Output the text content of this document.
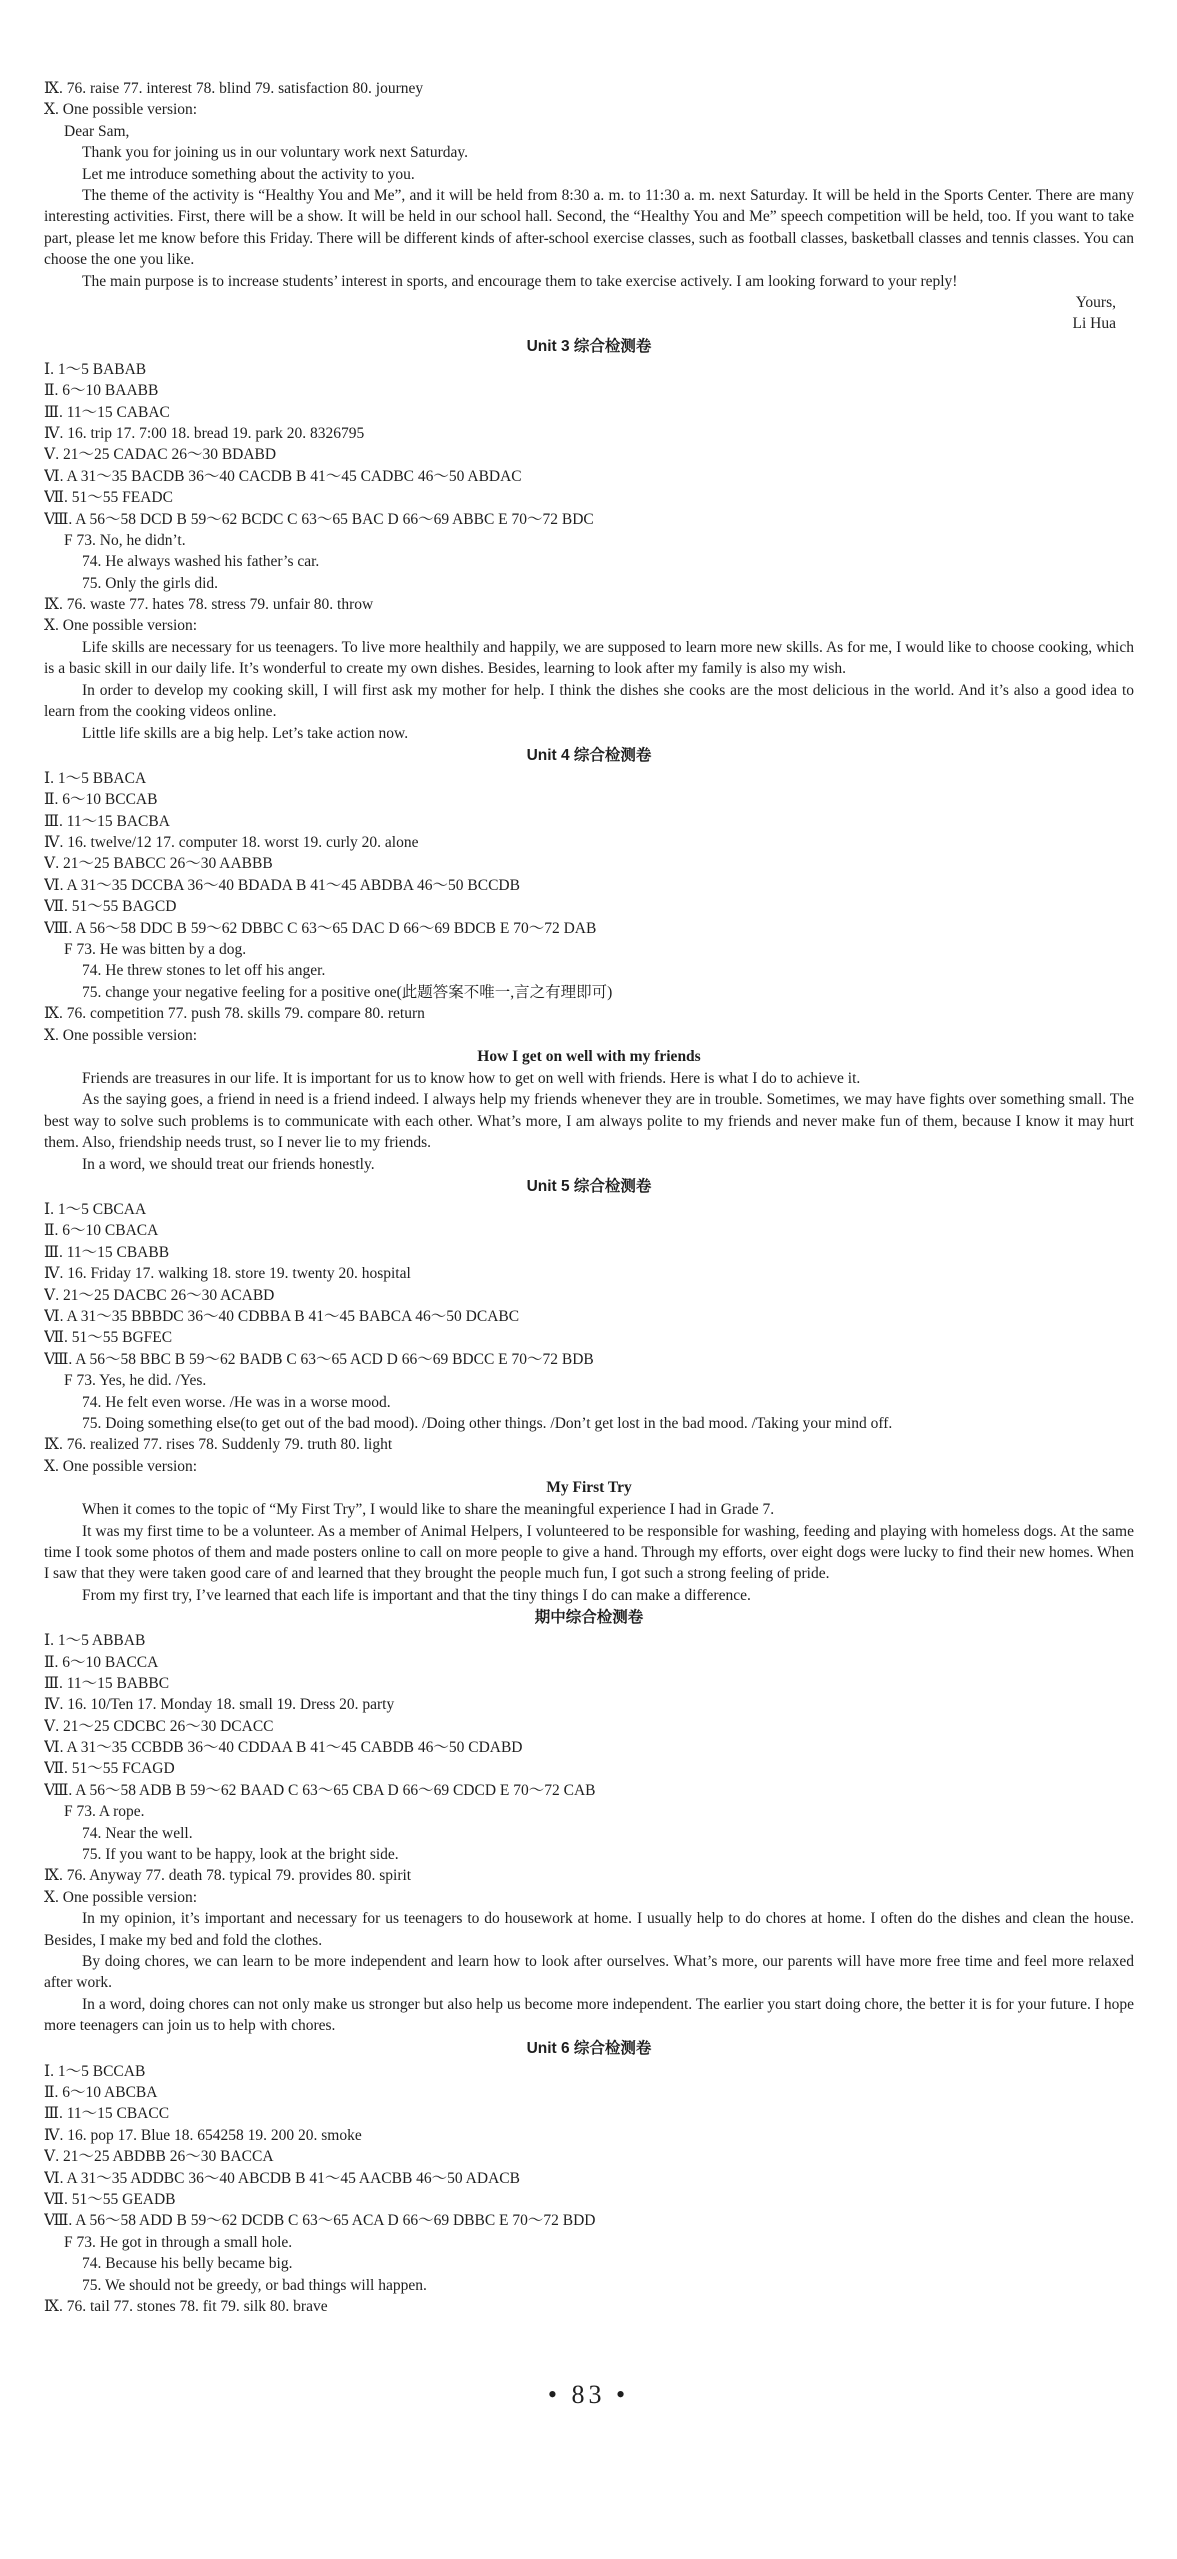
Ⅸ. 76. raise 77. interest 78. blind 79. satisfaction 80. journey
Ⅹ. One possible version:
Dear Sam,
Thank you for joining us in our voluntary work next Saturday.
Let me introduce something about the activity to you.
The theme of the activity is “Healthy You and Me”, and it will be held from 8:30 a. m. to 11:30 a. m. next Saturday. It will be held in the Sports Center. There are many interesting activities. First, there will be a show. It will be held in our school hall. Second, the “Healthy You and Me” speech competition will be held, too. If you want to take part, please let me know before this Friday. There will be different kinds of after-school exercise classes, such as football classes, basketball classes and tennis classes. You can choose the one you like.
The main purpose is to increase students’ interest in sports, and encourage them to take exercise actively. I am looking forward to your reply!
Yours,
Li Hua
Unit 3 综合检测卷
Ⅰ. 1～5 BABAB
Ⅱ. 6～10 BAABB
Ⅲ. 11～15 CABAC
Ⅳ. 16. trip 17. 7:00 18. bread 19. park 20. 8326795
Ⅴ. 21～25 CADAC 26～30 BDABD
Ⅵ. A 31～35 BACDB 36～40 CACDB B 41～45 CADBC 46～50 ABDAC
Ⅶ. 51～55 FEADC
Ⅷ. A 56～58 DCD B 59～62 BCDC C 63～65 BAC D 66～69 ABBC E 70～72 BDC
F 73. No, he didn’t.
74. He always washed his father’s car.
75. Only the girls did.
Ⅸ. 76. waste 77. hates 78. stress 79. unfair 80. throw
Ⅹ. One possible version:
Life skills are necessary for us teenagers. To live more healthily and happily, we are supposed to learn more new skills. As for me, I would like to choose cooking, which is a basic skill in our daily life. It’s wonderful to create my own dishes. Besides, learning to look after my family is also my wish.
In order to develop my cooking skill, I will first ask my mother for help. I think the dishes she cooks are the most delicious in the world. And it’s also a good idea to learn from the cooking videos online.
Little life skills are a big help. Let’s take action now.
Unit 4 综合检测卷
Ⅰ. 1～5 BBACA
Ⅱ. 6～10 BCCAB
Ⅲ. 11～15 BACBA
Ⅳ. 16. twelve/12 17. computer 18. worst 19. curly 20. alone
Ⅴ. 21～25 BABCC 26～30 AABBB
Ⅵ. A 31～35 DCCBA 36～40 BDADA B 41～45 ABDBA 46～50 BCCDB
Ⅶ. 51～55 BAGCD
Ⅷ. A 56～58 DDC B 59～62 DBBC C 63～65 DAC D 66～69 BDCB E 70～72 DAB
F 73. He was bitten by a dog.
74. He threw stones to let off his anger.
75. change your negative feeling for a positive one(此题答案不唯一,言之有理即可)
Ⅸ. 76. competition 77. push 78. skills 79. compare 80. return
Ⅹ. One possible version:
How I get on well with my friends
Friends are treasures in our life. It is important for us to know how to get on well with friends. Here is what I do to achieve it.
As the saying goes, a friend in need is a friend indeed. I always help my friends whenever they are in trouble. Sometimes, we may have fights over something small. The best way to solve such problems is to communicate with each other. What’s more, I am always polite to my friends and never make fun of them, because I know it may hurt them. Also, friendship needs trust, so I never lie to my friends.
In a word, we should treat our friends honestly.
Unit 5 综合检测卷
Ⅰ. 1～5 CBCAA
Ⅱ. 6～10 CBACA
Ⅲ. 11～15 CBABB
Ⅳ. 16. Friday 17. walking 18. store 19. twenty 20. hospital
Ⅴ. 21～25 DACBC 26～30 ACABD
Ⅵ. A 31～35 BBBDC 36～40 CDBBA B 41～45 BABCA 46～50 DCABC
Ⅶ. 51～55 BGFEC
Ⅷ. A 56～58 BBC B 59～62 BADB C 63～65 ACD D 66～69 BDCC E 70～72 BDB
F 73. Yes, he did. /Yes.
74. He felt even worse. /He was in a worse mood.
75. Doing something else(to get out of the bad mood). /Doing other things. /Don’t get lost in the bad mood. /Taking your mind off.
Ⅸ. 76. realized 77. rises 78. Suddenly 79. truth 80. light
Ⅹ. One possible version:
My First Try
When it comes to the topic of “My First Try”, I would like to share the meaningful experience I had in Grade 7.
It was my first time to be a volunteer. As a member of Animal Helpers, I volunteered to be responsible for washing, feeding and playing with homeless dogs. At the same time I took some photos of them and made posters online to call on more people to give a hand. Through my efforts, over eight dogs were lucky to find their new homes. When I saw that they were taken good care of and learned that they brought the people much fun, I got such a strong feeling of pride.
From my first try, I’ve learned that each life is important and that the tiny things I do can make a difference.
期中综合检测卷
Ⅰ. 1～5 ABBAB
Ⅱ. 6～10 BACCA
Ⅲ. 11～15 BABBC
Ⅳ. 16. 10/Ten 17. Monday 18. small 19. Dress 20. party
Ⅴ. 21～25 CDCBC 26～30 DCACC
Ⅵ. A 31～35 CCBDB 36～40 CDDAA B 41～45 CABDB 46～50 CDABD
Ⅶ. 51～55 FCAGD
Ⅷ. A 56～58 ADB B 59～62 BAAD C 63～65 CBA D 66～69 CDCD E 70～72 CAB
F 73. A rope.
74. Near the well.
75. If you want to be happy, look at the bright side.
Ⅸ. 76. Anyway 77. death 78. typical 79. provides 80. spirit
Ⅹ. One possible version:
In my opinion, it’s important and necessary for us teenagers to do housework at home. I usually help to do chores at home. I often do the dishes and clean the house. Besides, I make my bed and fold the clothes.
By doing chores, we can learn to be more independent and learn how to look after ourselves. What’s more, our parents will have more free time and feel more relaxed after work.
In a word, doing chores can not only make us stronger but also help us become more independent. The earlier you start doing chore, the better it is for your future. I hope more teenagers can join us to help with chores.
Unit 6 综合检测卷
Ⅰ. 1～5 BCCAB
Ⅱ. 6～10 ABCBA
Ⅲ. 11～15 CBACC
Ⅳ. 16. pop 17. Blue 18. 654258 19. 200 20. smoke
Ⅴ. 21～25 ABDBB 26～30 BACCA
Ⅵ. A 31～35 ADDBC 36～40 ABCDB B 41～45 AACBB 46～50 ADACB
Ⅶ. 51～55 GEADB
Ⅷ. A 56～58 ADD B 59～62 DCDB C 63～65 ACA D 66～69 DBBC E 70～72 BDD
F 73. He got in through a small hole.
74. Because his belly became big.
75. We should not be greedy, or bad things will happen.
Ⅸ. 76. tail 77. stones 78. fit 79. silk 80. brave
• 83 •
